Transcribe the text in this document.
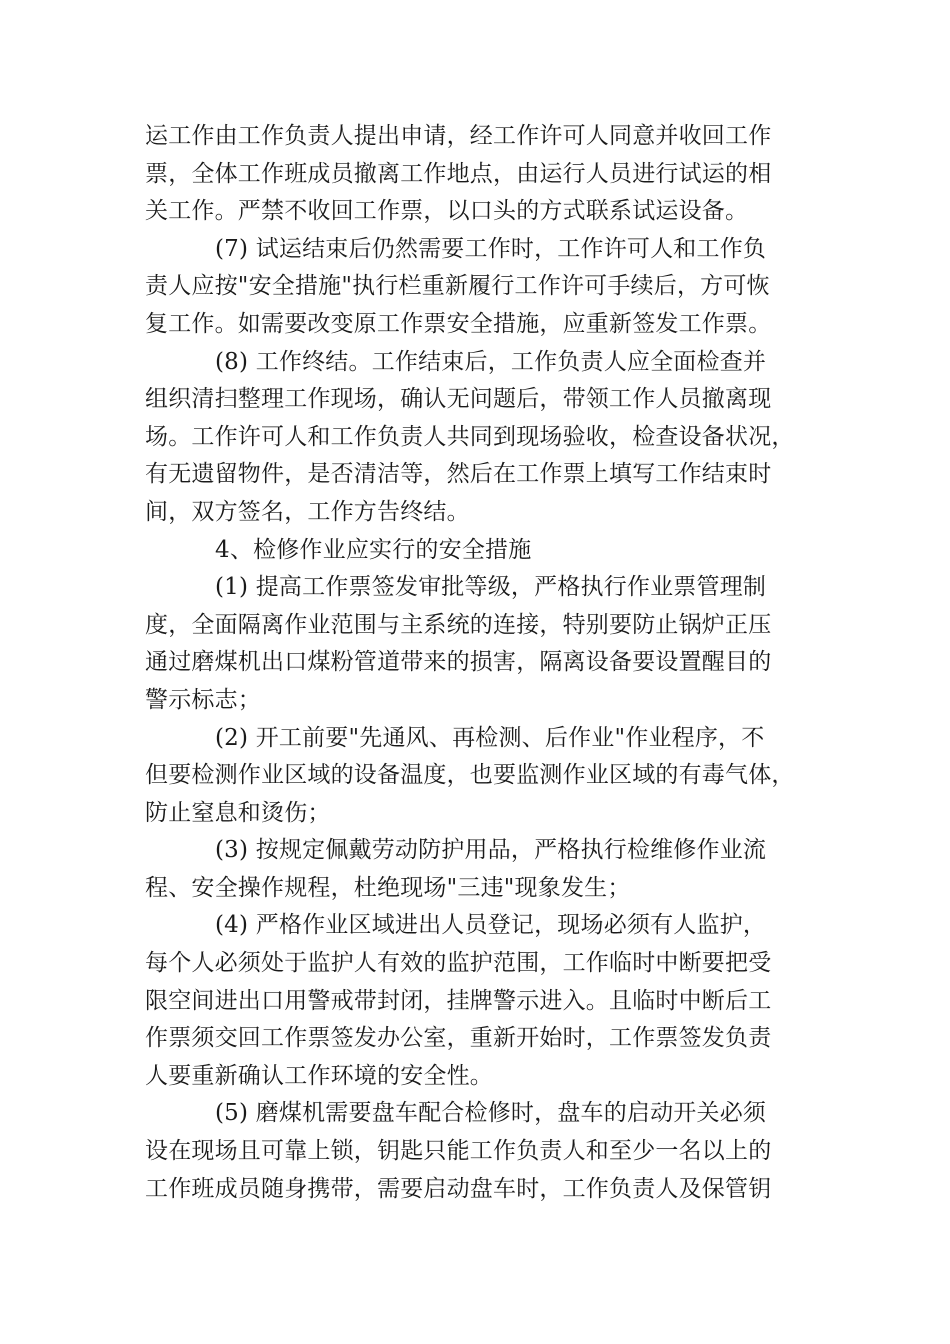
运工作由工作负责人提出申请，经工作许可人同意并收回工作
票，全体工作班成员撤离工作地点，由运行人员进行试运的相
关工作。严禁不收回工作票，以口头的方式联系试运设备。
(7) 试运结束后仍然需要工作时，工作许可人和工作负
责人应按"安全措施"执行栏重新履行工作许可手续后，方可恢
复工作。如需要改变原工作票安全措施，应重新签发工作票。
(8) 工作终结。工作结束后，工作负责人应全面检查并
组织清扫整理工作现场，确认无问题后，带领工作人员撤离现
场。工作许可人和工作负责人共同到现场验收，检查设备状况，
有无遗留物件，是否清洁等，然后在工作票上填写工作结束时
间，双方签名，工作方告终结。
4、检修作业应实行的安全措施
(1) 提高工作票签发审批等级，严格执行作业票管理制
度，全面隔离作业范围与主系统的连接，特别要防止锅炉正压
通过磨煤机出口煤粉管道带来的损害，隔离设备要设置醒目的
警示标志；
(2) 开工前要"先通风、再检测、后作业"作业程序，不
但要检测作业区域的设备温度，也要监测作业区域的有毒气体，
防止窒息和烫伤；
(3) 按规定佩戴劳动防护用品，严格执行检维修作业流
程、安全操作规程，杜绝现场"三违"现象发生；
(4) 严格作业区域进出人员登记，现场必须有人监护，
每个人必须处于监护人有效的监护范围，工作临时中断要把受
限空间进出口用警戒带封闭，挂牌警示进入。且临时中断后工
作票须交回工作票签发办公室，重新开始时，工作票签发负责
人要重新确认工作环境的安全性。
(5) 磨煤机需要盘车配合检修时，盘车的启动开关必须
设在现场且可靠上锁，钥匙只能工作负责人和至少一名以上的
工作班成员随身携带，需要启动盘车时，工作负责人及保管钥
